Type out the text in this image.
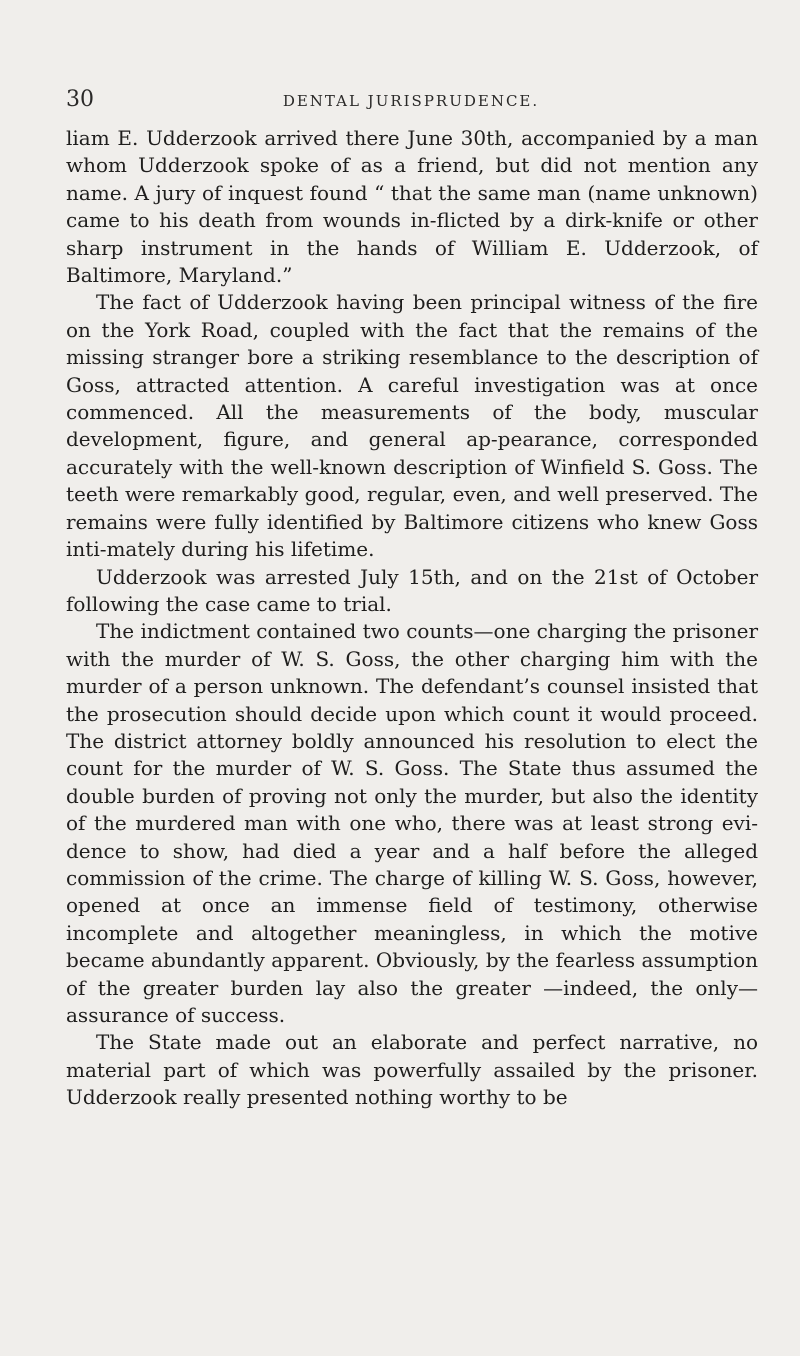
30	DENTAL JURISPRUDENCE.

liam E. Udderzook arrived there June 30th, accompanied by a man whom Udderzook spoke of as a friend, but did not mention any name. A jury of inquest found “ that the same man (name unknown) came to his death from wounds in-flicted by a dirk-knife or other sharp instrument in the hands of William E. Udderzook, of Baltimore, Maryland.”

The fact of Udderzook having been principal witness of the fire on the York Road, coupled with the fact that the remains of the missing stranger bore a striking resemblance to the description of Goss, attracted attention. A careful investigation was at once commenced. All the measurements of the body, muscular development, figure, and general ap-pearance, corresponded accurately with the well-known description of Winfield S. Goss. The teeth were remarkably good, regular, even, and well preserved. The remains were fully identified by Baltimore citizens who knew Goss inti-mately during his lifetime.

Udderzook was arrested July 15th, and on the 21st of October following the case came to trial.

The indictment contained two counts—one charging the prisoner with the murder of W. S. Goss, the other charging him with the murder of a person unknown. The defendant’s counsel insisted that the prosecution should decide upon which count it would proceed. The district attorney boldly announced his resolution to elect the count for the murder of W. S. Goss. The State thus assumed the double burden of proving not only the murder, but also the identity of the murdered man with one who, there was at least strong evi-dence to show, had died a year and a half before the alleged commission of the crime. The charge of killing W. S. Goss, however, opened at once an immense field of testimony, otherwise incomplete and altogether meaningless, in which the motive became abundantly apparent. Obviously, by the fearless assumption of the greater burden lay also the greater —indeed, the only—assurance of success.

The State made out an elaborate and perfect narrative, no material part of which was powerfully assailed by the prisoner. Udderzook really presented nothing worthy to be
